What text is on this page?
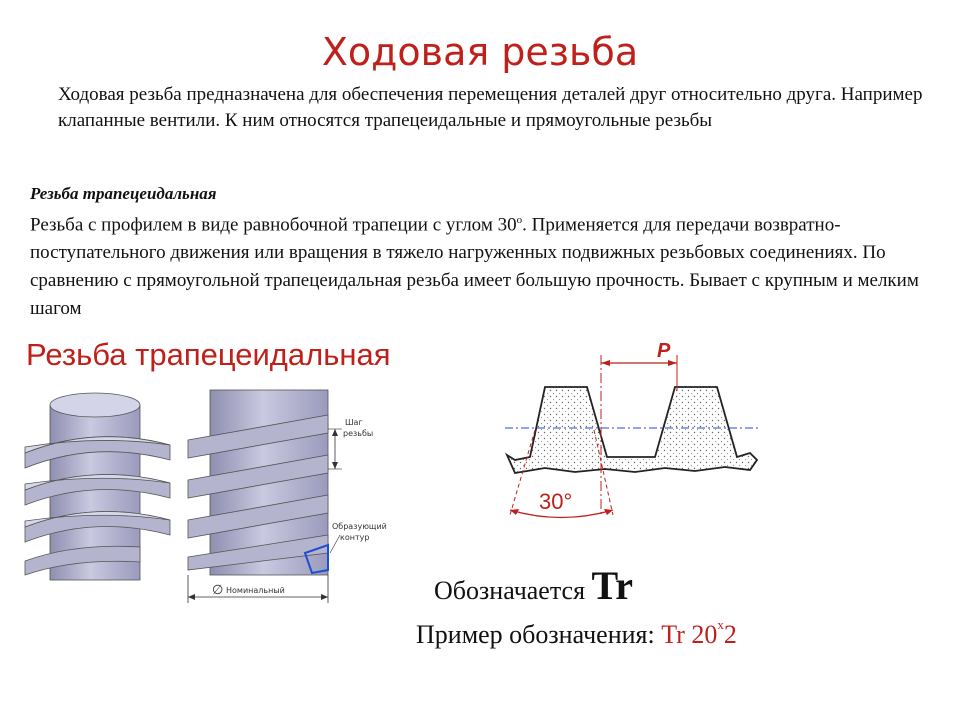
Ходовая резьба
Ходовая резьба предназначена для обеспечения перемещения деталей друг относительно друга. Например клапанные вентили. К ним относятся трапецеидальные и прямоугольные резьбы
Резьба трапецеидальная
Резьба с профилем в виде равнобочной трапеции с углом $30^о$. Применяется для передачи возвратно-поступательного движения или вращения в тяжело нагруженных подвижных резьбовых соединениях. По сравнению с прямоугольной трапецеидальная резьба имеет большую прочность. Бывает с крупным и мелким шагом
Резьба трапецеидальная
Шаг
резьбы
Образующий
контур
∅ Номинальный
P
30°
Обозначается Tr
Пример обозначения: Tr 20$^x$2
